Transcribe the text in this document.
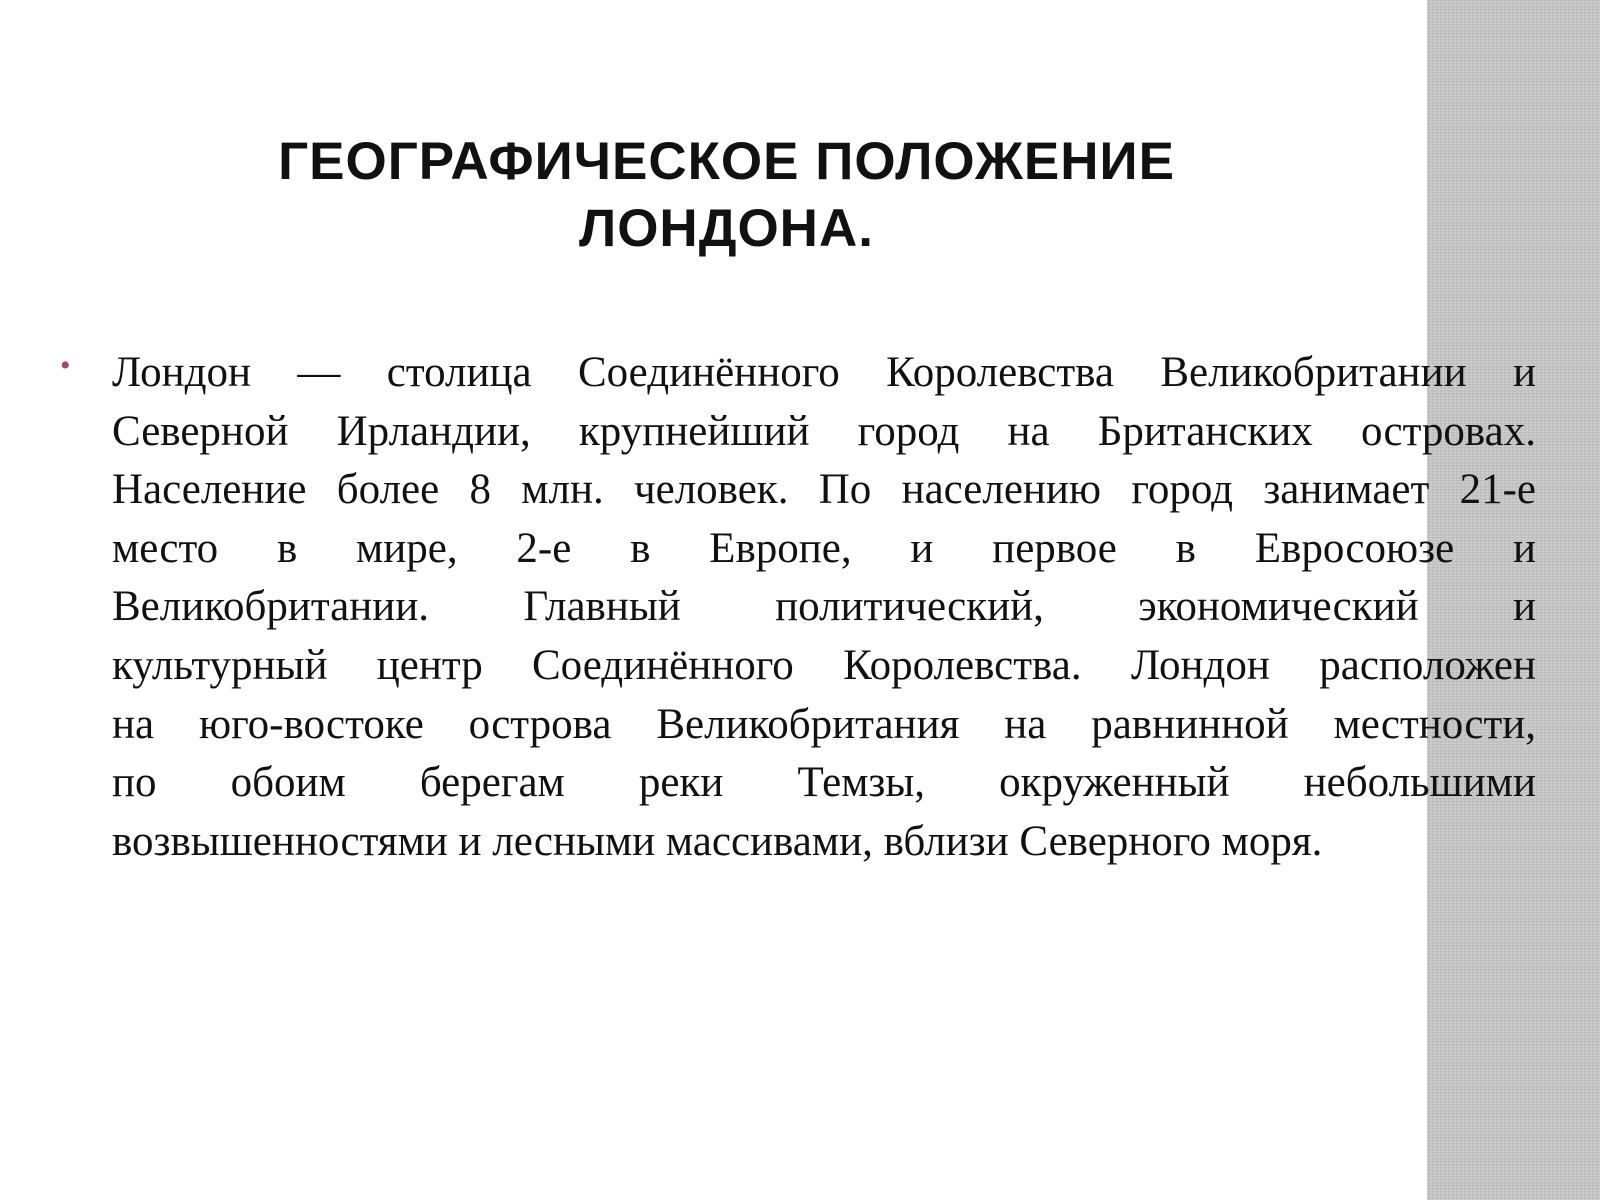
ГЕОГРАФИЧЕСКОЕ ПОЛОЖЕНИЕ
ЛОНДОНА.
• Лондон — столица Соединённого Королевства Великобритании и
Северной Ирландии, крупнейший город на Британских островах.
Население более 8 млн. человек. По населению город занимает 21-е
место в мире, 2-е в Европе, и первое в Евросоюзе и
Великобритании. Главный политический, экономический и
культурный центр Соединённого Королевства. Лондон расположен
на юго-востоке острова Великобритания на равнинной местности,
по обоим берегам реки Темзы, окруженный небольшими
возвышенностями и лесными массивами, вблизи Северного моря.
